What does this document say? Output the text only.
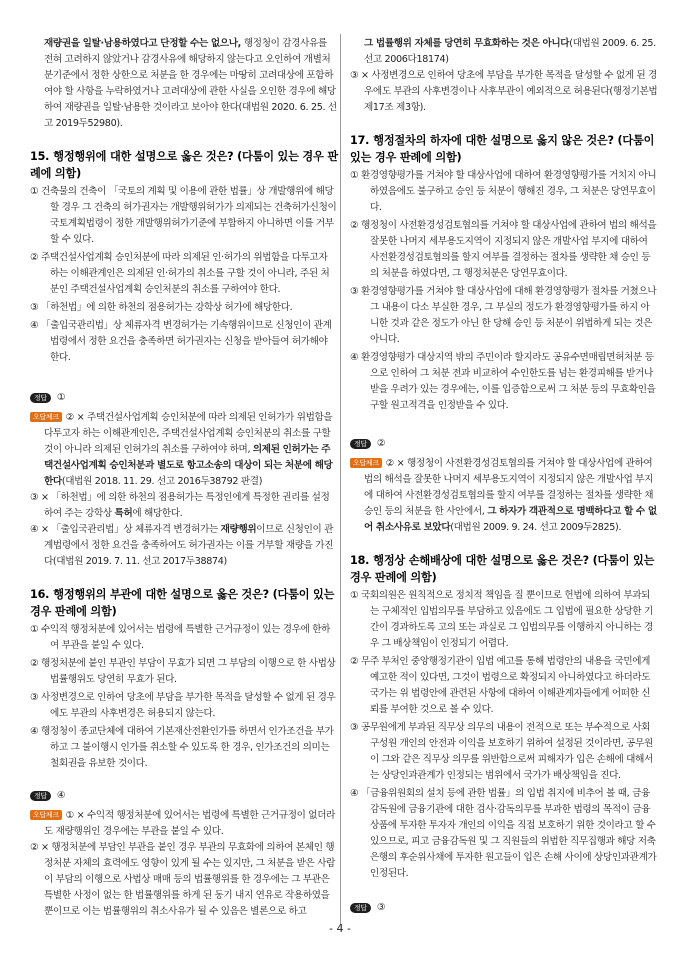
재량권을 일탈·남용하였다고 단정할 수는 없으나, 행정청이 감경사유를 전혀 고려하지 않았거나 감경사유에 해당하지 않는다고 오인하여 개별처분기준에서 정한 상한으로 처분을 한 경우에는 마땅히 고려대상에 포함하여야 할 사항을 누락하였거나 고려대상에 관한 사실을 오인한 경우에 해당하여 재량권을 일탈·남용한 것이라고 보아야 한다(대법원 2020. 6. 25. 선고 2019두52980).

15. 행정행위에 대한 설명으로 옳은 것은? (다툼이 있는 경우 판례에 의함)

① 건축물의 건축이 「국토의 계획 및 이용에 관한 법률」상 개발행위에 해당할 경우 그 건축의 허가권자는 개발행위허가가 의제되는 건축허가신청이 국토계획법령이 정한 개발행위허가기준에 부합하지 아니하면 이를 거부할 수 있다.

② 주택건설사업계획 승인처분에 따라 의제된 인·허가의 위법함을 다투고자 하는 이해관계인은 의제된 인·허가의 취소를 구할 것이 아니라, 주된 처분인 주택건설사업계획 승인처분의 취소를 구하여야 한다.

③ 「하천법」에 의한 하천의 점용허가는 강학상 허가에 해당한다.

④ 「출입국관리법」상 체류자격 변경허가는 기속행위이므로 신청인이 관계법령에서 정한 요건을 충족하면 허가권자는 신청을 받아들여 허가해야 한다.

정답	①

오답체크 ② × 주택건설사업계획 승인처분에 따라 의제된 인허가가 위법함을 다투고자 하는 이해관계인은, 주택건설사업계획 승인처분의 취소를 구할 것이 아니라 의제된 인허가의 취소를 구하여야 하며, 의제된 인허가는 주택건설사업계획 승인처분과 별도로 항고소송의 대상이 되는 처분에 해당한다(대법원 2018. 11. 29. 선고 2016두38792 판결)

③ × 「하천법」에 의한 하천의 점용허가는 특정인에게 특정한 권리를 설정하여 주는 강학상 특허에 해당한다.

④ × 「출입국관리법」상 체류자격 변경허가는 재량행위이므로 신청인이 관계법령에서 정한 요건을 충족하여도 허가권자는 이를 거부할 재량을 가진다(대법원 2019. 7. 11. 선고 2017두38874)

16. 행정행위의 부관에 대한 설명으로 옳은 것은? (다툼이 있는 경우 판례에 의함)

① 수익적 행정처분에 있어서는 법령에 특별한 근거규정이 있는 경우에 한하여 부관을 붙일 수 있다.

② 행정처분에 붙인 부관인 부담이 무효가 되면 그 부담의 이행으로 한 사법상 법률행위도 당연히 무효가 된다.

③ 사정변경으로 인하여 당초에 부담을 부가한 목적을 달성할 수 없게 된 경우에도 부관의 사후변경은 허용되지 않는다.

④ 행정청이 종교단체에 대하여 기본재산전환인가를 하면서 인가조건을 부가하고 그 불이행시 인가를 취소할 수 있도록 한 경우, 인가조건의 의미는 철회권을 유보한 것이다.

정답	④

오답체크 ① × 수익적 행정처분에 있어서는 법령에 특별한 근거규정이 없더라도 재량행위인 경우에는 부관을 붙일 수 있다.

② × 행정처분에 부담인 부관을 붙인 경우 부관의 무효화에 의하여 본체인 행정처분 자체의 효력에도 영향이 있게 될 수는 있지만, 그 처분을 받은 사람이 부담의 이행으로 사법상 매매 등의 법률행위를 한 경우에는 그 부관은 특별한 사정이 없는 한 법률행위를 하게 된 동기 내지 연유로 작용하였을 뿐이므로 이는 법률행위의 취소사유가 될 수 있음은 별론으로 하고

그 법률행위 자체를 당연히 무효화하는 것은 아니다(대법원 2009. 6. 25. 선고 2006다18174)

③ × 사정변경으로 인하여 당초에 부담을 부가한 목적을 달성할 수 없게 된 경우에도 부관의 사후변경이나 사후부관이 예외적으로 허용된다(행정기본법 제17조 제3항).

17. 행정절차의 하자에 대한 설명으로 옳지 않은 것은? (다툼이 있는 경우 판례에 의함)

① 환경영향평가를 거쳐야 할 대상사업에 대하여 환경영향평가를 거치지 아니하였음에도 불구하고 승인 등 처분이 행해진 경우, 그 처분은 당연무효이다.

② 행정청이 사전환경성검토협의를 거쳐야 할 대상사업에 관하여 법의 해석을 잘못한 나머지 세부용도지역이 지정되지 않은 개발사업 부지에 대하여 사전환경성검토협의를 할지 여부를 결정하는 절차를 생략한 채 승인 등의 처분을 하였다면, 그 행정처분은 당연무효이다.

③ 환경영향평가를 거쳐야 할 대상사업에 대해 환경영향평가 절차를 거쳤으나 그 내용이 다소 부실한 경우, 그 부실의 정도가 환경영향평가를 하지 아니한 것과 같은 정도가 아닌 한 당해 승인 등 처분이 위법하게 되는 것은 아니다.

④ 환경영향평가 대상지역 밖의 주민이라 할지라도 공유수면매립면허처분 등으로 인하여 그 처분 전과 비교하여 수인한도를 넘는 환경피해를 받거나 받을 우려가 있는 경우에는, 이를 입증함으로써 그 처분 등의 무효확인을 구할 원고적격을 인정받을 수 있다.

정답	②

오답체크 ② × 행정청이 사전환경성검토협의를 거쳐야 할 대상사업에 관하여 법의 해석을 잘못한 나머지 세부용도지역이 지정되지 않은 개발사업 부지에 대하여 사전환경성검토협의를 할지 여부를 결정하는 절차를 생략한 채 승인 등의 처분을 한 사안에서, 그 하자가 객관적으로 명백하다고 할 수 없어 취소사유로 보았다(대법원 2009. 9. 24. 선고 2009두2825).

18. 행정상 손해배상에 대한 설명으로 옳은 것은? (다툼이 있는 경우 판례에 의함)

① 국회의원은 원칙적으로 정치적 책임을 질 뿐이므로 헌법에 의하여 부과되는 구체적인 입법의무를 부담하고 있음에도 그 입법에 필요한 상당한 기간이 경과하도록 고의 또는 과실로 그 입법의무를 이행하지 아니하는 경우 그 배상책임이 인정되기 어렵다.

② 무주 부처인 중앙행정기관이 입법 예고를 통해 법령안의 내용을 국민에게 예고한 적이 있다면, 그것이 법령으로 확정되지 아니하였다고 하더라도 국가는 위 법령안에 관련된 사항에 대하여 이해관계자들에게 어떠한 신뢰를 부여한 것으로 볼 수 있다.

③ 공무원에게 부과된 직무상 의무의 내용이 전적으로 또는 부수적으로 사회구성원 개인의 안전과 이익을 보호하기 위하여 설정된 것이라면, 공무원이 그와 같은 직무상 의무를 위반함으로써 피해자가 입은 손해에 대해서는 상당인과관계가 인정되는 범위에서 국가가 배상책임을 진다.

④ 「금융위원회의 설치 등에 관한 법률」의 입법 취지에 비추어 볼 때, 금융감독원에 금융기관에 대한 검사·감독의무를 부과한 법령의 목적이 금융상품에 투자한 투자자 개인의 이익을 직접 보호하기 위한 것이라고 할 수 있으므로, 피고 금융감독원 및 그 직원들의 위법한 직무집행과 해당 저축은행의 후순위사채에 투자한 원고들이 입은 손해 사이에 상당인과관계가 인정된다.

정답	③
- 4 -
